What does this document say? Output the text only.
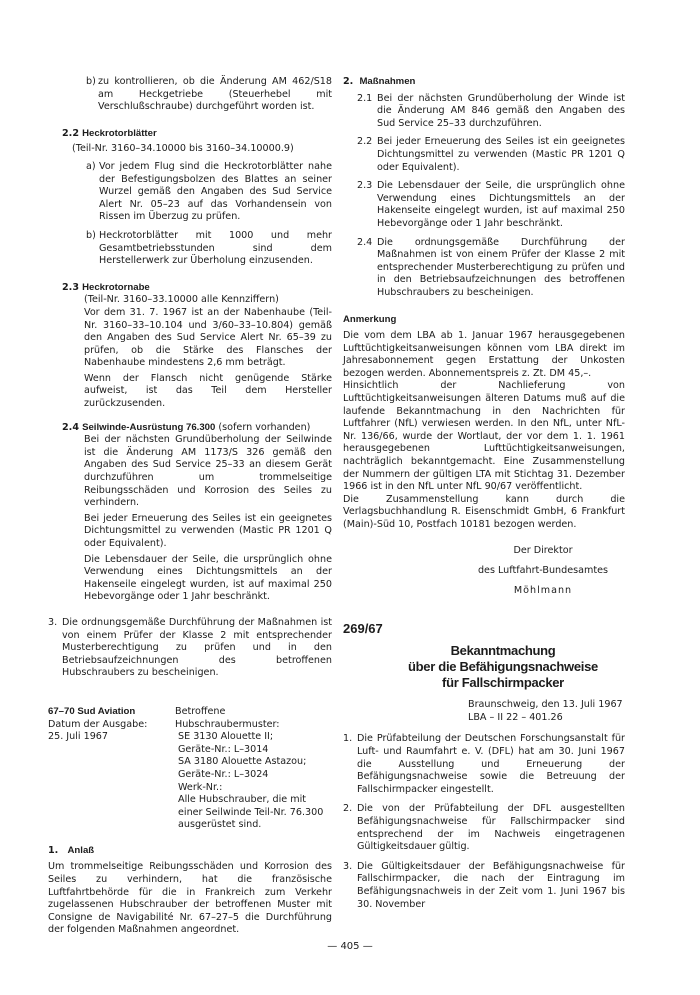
b) zu kontrollieren, ob die Änderung AM 462/S18 am Heckgetriebe (Steuerhebel mit Verschlußschraube) durchgeführt worden ist.
2.2 Heckrotorblätter

(Teil-Nr. 3160–34.10000 bis 3160–34.10000.9)

a) Vor jedem Flug sind die Heckrotorblätter nahe der Befestigungsbolzen des Blattes an seiner Wurzel gemäß den Angaben des Sud Service Alert Nr. 05–23 auf das Vorhandensein von Rissen im Überzug zu prüfen.
b) Heckrotorblätter mit 1000 und mehr Gesamtbetriebsstunden sind dem Herstellerwerk zur Überholung einzusenden.
2.3 Heckrotornabe

(Teil-Nr. 3160–33.10000 alle Kennziffern)

Vor dem 31. 7. 1967 ist an der Nabenhaube (Teil-Nr. 3160–33–10.104 und 3/60–33–10.804) gemäß den Angaben des Sud Service Alert Nr. 65–39 zu prüfen, ob die Stärke des Flansches der Nabenhaube mindestens 2,6 mm beträgt.

Wenn der Flansch nicht genügende Stärke aufweist, ist das Teil dem Hersteller zurückzusenden.

2.4 Seilwinde-Ausrüstung 76.300 (sofern vorhanden)

Bei der nächsten Grundüberholung der Seilwinde ist die Änderung AM 1173/S 326 gemäß den Angaben des Sud Service 25–33 an diesem Gerät durchzuführen um trommelseitige Reibungsschäden und Korrosion des Seiles zu verhindern.

Bei jeder Erneuerung des Seiles ist ein geeignetes Dichtungsmittel zu verwenden (Mastic PR 1201 Q oder Equivalent).

Die Lebensdauer der Seile, die ursprünglich ohne Verwendung eines Dichtungsmittels an der Hakenseile eingelegt wurden, ist auf maximal 250 Hebevorgänge oder 1 Jahr beschränkt.

3. Die ordnungsgemäße Durchführung der Maßnahmen ist von einem Prüfer der Klasse 2 mit entsprechender Musterberechtigung zu prüfen und in den Betriebsaufzeichnungen des betroffenen Hubschraubers zu bescheinigen.
67–70 Sud Aviation
Datum der Ausgabe:
25. Juli 1967
Betroffene Hubschraubermuster:
SE 3130 Alouette II;
Geräte-Nr.: L–3014
SA 3180 Alouette Astazou;
Geräte-Nr.: L–3024
Werk-Nr.:
Alle Hubschrauber, die mit einer Seilwinde Teil-Nr. 76.300 ausgerüstet sind.
1. Anlaß

Um trommelseitige Reibungsschäden und Korrosion des Seiles zu verhindern, hat die französische Luftfahrtbehörde für die in Frankreich zum Verkehr zugelassenen Hubschrauber der betroffenen Muster mit Consigne de Navigabilité Nr. 67–27–5 die Durchführung der folgenden Maßnahmen angeordnet.

2. Maßnahmen
2.1 Bei der nächsten Grundüberholung der Winde ist die Änderung AM 846 gemäß den Angaben des Sud Service 25–33 durchzuführen.
2.2 Bei jeder Erneuerung des Seiles ist ein geeignetes Dichtungsmittel zu verwenden (Mastic PR 1201 Q oder Equivalent).
2.3 Die Lebensdauer der Seile, die ursprünglich ohne Verwendung eines Dichtungsmittels an der Hakenseite eingelegt wurden, ist auf maximal 250 Hebevorgänge oder 1 Jahr beschränkt.
2.4 Die ordnungsgemäße Durchführung der Maßnahmen ist von einem Prüfer der Klasse 2 mit entsprechender Musterberechtigung zu prüfen und in den Betriebsaufzeichnungen des betroffenen Hubschraubers zu bescheinigen.
Anmerkung

Die vom dem LBA ab 1. Januar 1967 herausgegebenen Lufttüchtigkeitsanweisungen können vom LBA direkt im Jahresabonnement gegen Erstattung der Unkosten bezogen werden. Abonnementspreis z. Zt. DM 45,–.

Hinsichtlich der Nachlieferung von Lufttüchtigkeitsanweisungen älteren Datums muß auf die laufende Bekanntmachung in den Nachrichten für Luftfahrer (NfL) verwiesen werden. In den NfL, unter NfL-Nr. 136/66, wurde der Wortlaut, der vor dem 1. 1. 1961 herausgegebenen Lufttüchtigkeitsanweisungen, nachträglich bekanntgemacht. Eine Zusammenstellung der Nummern der gültigen LTA mit Stichtag 31. Dezember 1966 ist in den NfL unter NfL 90/67 veröffentlicht.

Die Zusammenstellung kann durch die Verlagsbuchhandlung R. Eisenschmidt GmbH, 6 Frankfurt (Main)-Süd 10, Postfach 10181 bezogen werden.

Der Direktor
des Luftfahrt-Bundesamtes
Möhlmann
269/67
Bekanntmachung
über die Befähigungsnachweise
für Fallschirmpacker
Braunschweig, den 13. Juli 1967
LBA – II 22 – 401.26
1. Die Prüfabteilung der Deutschen Forschungsanstalt für Luft- und Raumfahrt e. V. (DFL) hat am 30. Juni 1967 die Ausstellung und Erneuerung der Befähigungsnachweise sowie die Betreuung der Fallschirmpacker eingestellt.
2. Die von der Prüfabteilung der DFL ausgestellten Befähigungsnachweise für Fallschirmpacker sind entsprechend der im Nachweis eingetragenen Gültigkeitsdauer gültig.
3. Die Gültigkeitsdauer der Befähigungsnachweise für Fallschirmpacker, die nach der Eintragung im Befähigungsnachweis in der Zeit vom 1. Juni 1967 bis 30. November
— 405 —
